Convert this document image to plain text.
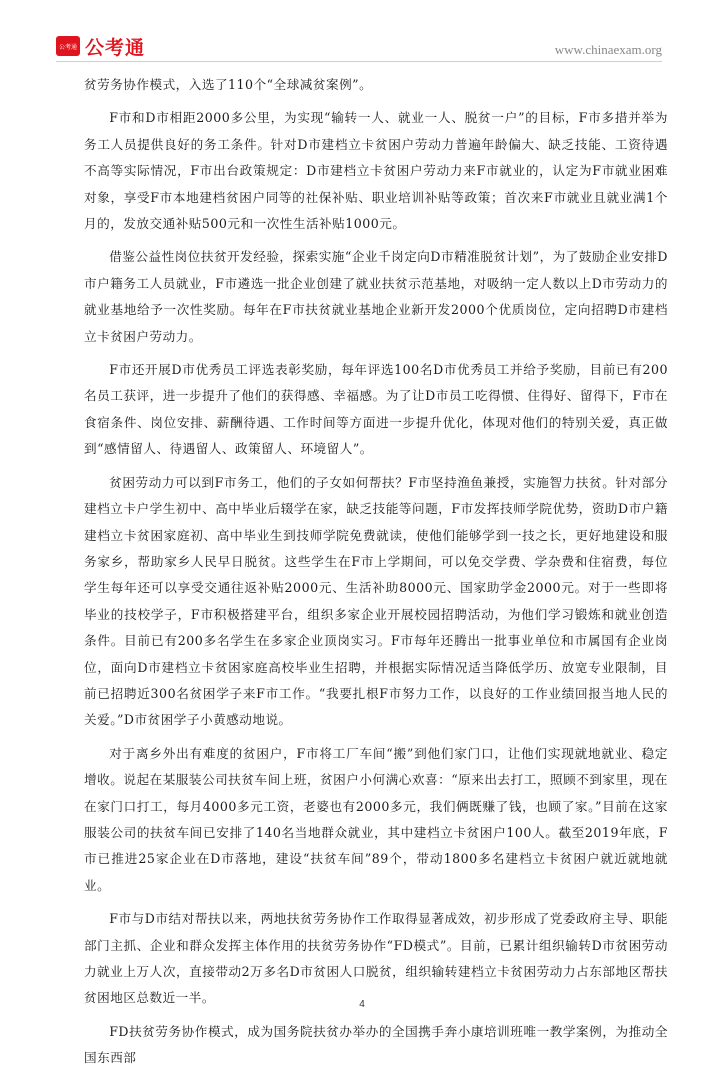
公考通 公考通	www.chinaexam.org

贫劳务协作模式，入选了110个“全球减贫案例”。

F市和D市相距2000多公里，为实现“输转一人、就业一人、脱贫一户”的目标，F市多措并举为务工人员提供良好的务工条件。针对D市建档立卡贫困户劳动力普遍年龄偏大、缺乏技能、工资待遇不高等实际情况，F市出台政策规定：D市建档立卡贫困户劳动力来F市就业的，认定为F市就业困难对象，享受F市本地建档贫困户同等的社保补贴、职业培训补贴等政策；首次来F市就业且就业满1个月的，发放交通补贴500元和一次性生活补贴1000元。

借鉴公益性岗位扶贫开发经验，探索实施“企业千岗定向D市精准脱贫计划”，为了鼓励企业安排D市户籍务工人员就业，F市遴选一批企业创建了就业扶贫示范基地，对吸纳一定人数以上D市劳动力的就业基地给予一次性奖励。每年在F市扶贫就业基地企业新开发2000个优质岗位，定向招聘D市建档立卡贫困户劳动力。

F市还开展D市优秀员工评选表彰奖励，每年评选100名D市优秀员工并给予奖励，目前已有200名员工获评，进一步提升了他们的获得感、幸福感。为了让D市员工吃得惯、住得好、留得下，F市在食宿条件、岗位安排、薪酬待遇、工作时间等方面进一步提升优化，体现对他们的特别关爱，真正做到“感情留人、待遇留人、政策留人、环境留人”。

贫困劳动力可以到F市务工，他们的子女如何帮扶？F市坚持渔鱼兼授，实施智力扶贫。针对部分建档立卡户学生初中、高中毕业后辍学在家，缺乏技能等问题，F市发挥技师学院优势，资助D市户籍建档立卡贫困家庭初、高中毕业生到技师学院免费就读，使他们能够学到一技之长，更好地建设和服务家乡，帮助家乡人民早日脱贫。这些学生在F市上学期间，可以免交学费、学杂费和住宿费，每位学生每年还可以享受交通往返补贴2000元、生活补助8000元、国家助学金2000元。对于一些即将毕业的技校学子，F市积极搭建平台，组织多家企业开展校园招聘活动，为他们学习锻炼和就业创造条件。目前已有200多名学生在多家企业顶岗实习。F市每年还腾出一批事业单位和市属国有企业岗位，面向D市建档立卡贫困家庭高校毕业生招聘，并根据实际情况适当降低学历、放宽专业限制，目前已招聘近300名贫困学子来F市工作。“我要扎根F市努力工作，以良好的工作业绩回报当地人民的关爱。”D市贫困学子小黄感动地说。

对于离乡外出有难度的贫困户，F市将工厂车间“搬”到他们家门口，让他们实现就地就业、稳定增收。说起在某服装公司扶贫车间上班，贫困户小何满心欢喜：“原来出去打工，照顾不到家里，现在在家门口打工，每月4000多元工资，老婆也有2000多元，我们俩既赚了钱，也顾了家。”目前在这家服装公司的扶贫车间已安排了140名当地群众就业，其中建档立卡贫困户100人。截至2019年底，F市已推进25家企业在D市落地，建设“扶贫车间”89个，带动1800多名建档立卡贫困户就近就地就业。

F市与D市结对帮扶以来，两地扶贫劳务协作工作取得显著成效，初步形成了党委政府主导、职能部门主抓、企业和群众发挥主体作用的扶贫劳务协作“FD模式”。目前，已累计组织输转D市贫困劳动力就业上万人次，直接带动2万多名D市贫困人口脱贫，组织输转建档立卡贫困劳动力占东部地区帮扶贫困地区总数近一半。

FD扶贫劳务协作模式，成为国务院扶贫办举办的全国携手奔小康培训班唯一教学案例，为推动全国东西部

4
